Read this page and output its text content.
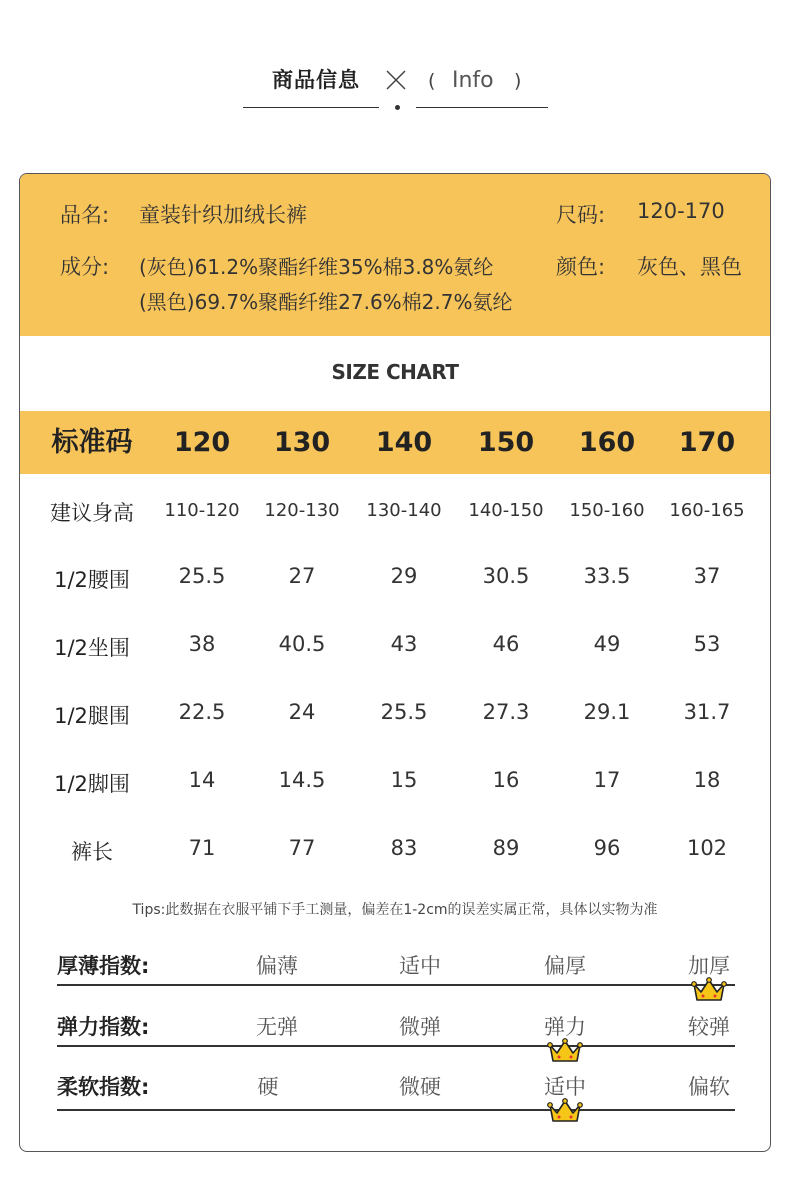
商品信息	( Info )
品名: 童装针织加绒长裤	尺码: 120-170
成分: (灰色)61.2%聚酯纤维35%棉3.8%氨纶
(黑色)69.7%聚酯纤维27.6%棉2.7%氨纶
颜色: 灰色、黑色
SIZE CHART
标准码	120	130	140	150	160	170
建议身高	110-120	120-130	130-140	140-150	150-160	160-165
1/2腰围	25.5	27	29	30.5	33.5	37
1/2坐围	38	40.5	43	46	49	53
1/2腿围	22.5	24	25.5	27.3	29.1	31.7
1/2脚围	14	14.5	15	16	17	18
裤长	71	77	83	89	96	102
Tips:此数据在衣服平铺下手工测量，偏差在1-2cm的误差实属正常，具体以实物为准
厚薄指数:	偏薄	适中	偏厚	加厚
弹力指数:	无弹	微弹	弹力	较弹
柔软指数:	硬	微硬	适中	偏软
